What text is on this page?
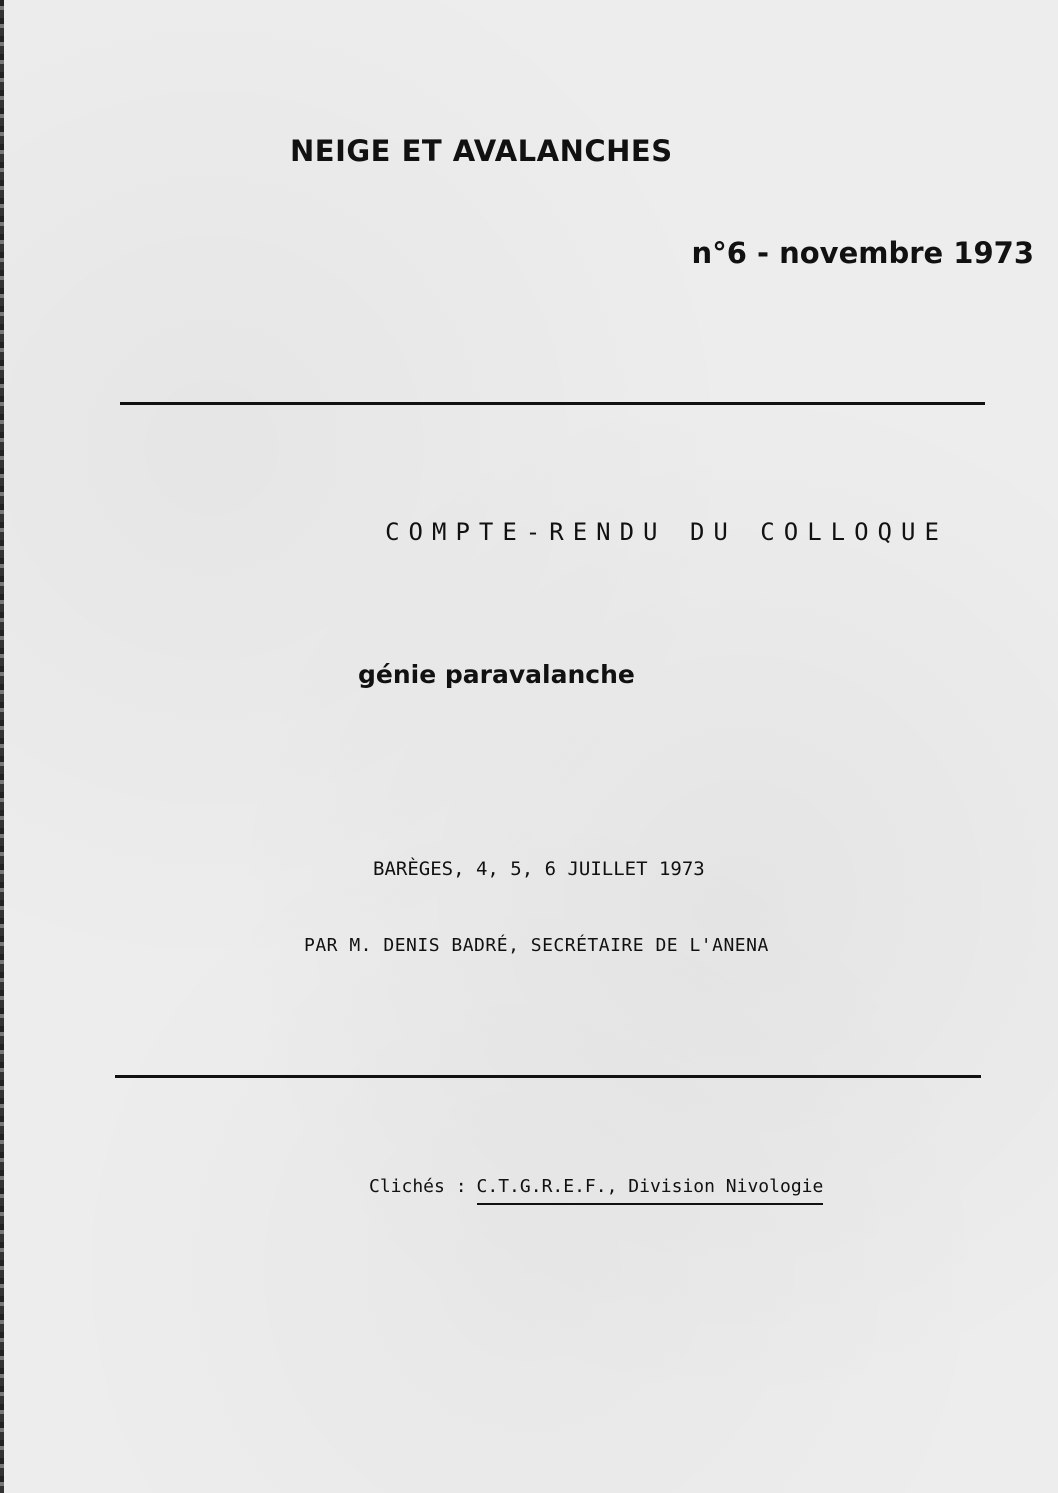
NEIGE ET AVALANCHES
n°6 - novembre 1973
COMPTE-RENDU DU COLLOQUE
génie paravalanche
BARÈGES, 4, 5, 6 JUILLET 1973
PAR M. DENIS BADRÉ, SECRÉTAIRE DE L'ANENA
Clichés : C.T.G.R.E.F., Division Nivologie
